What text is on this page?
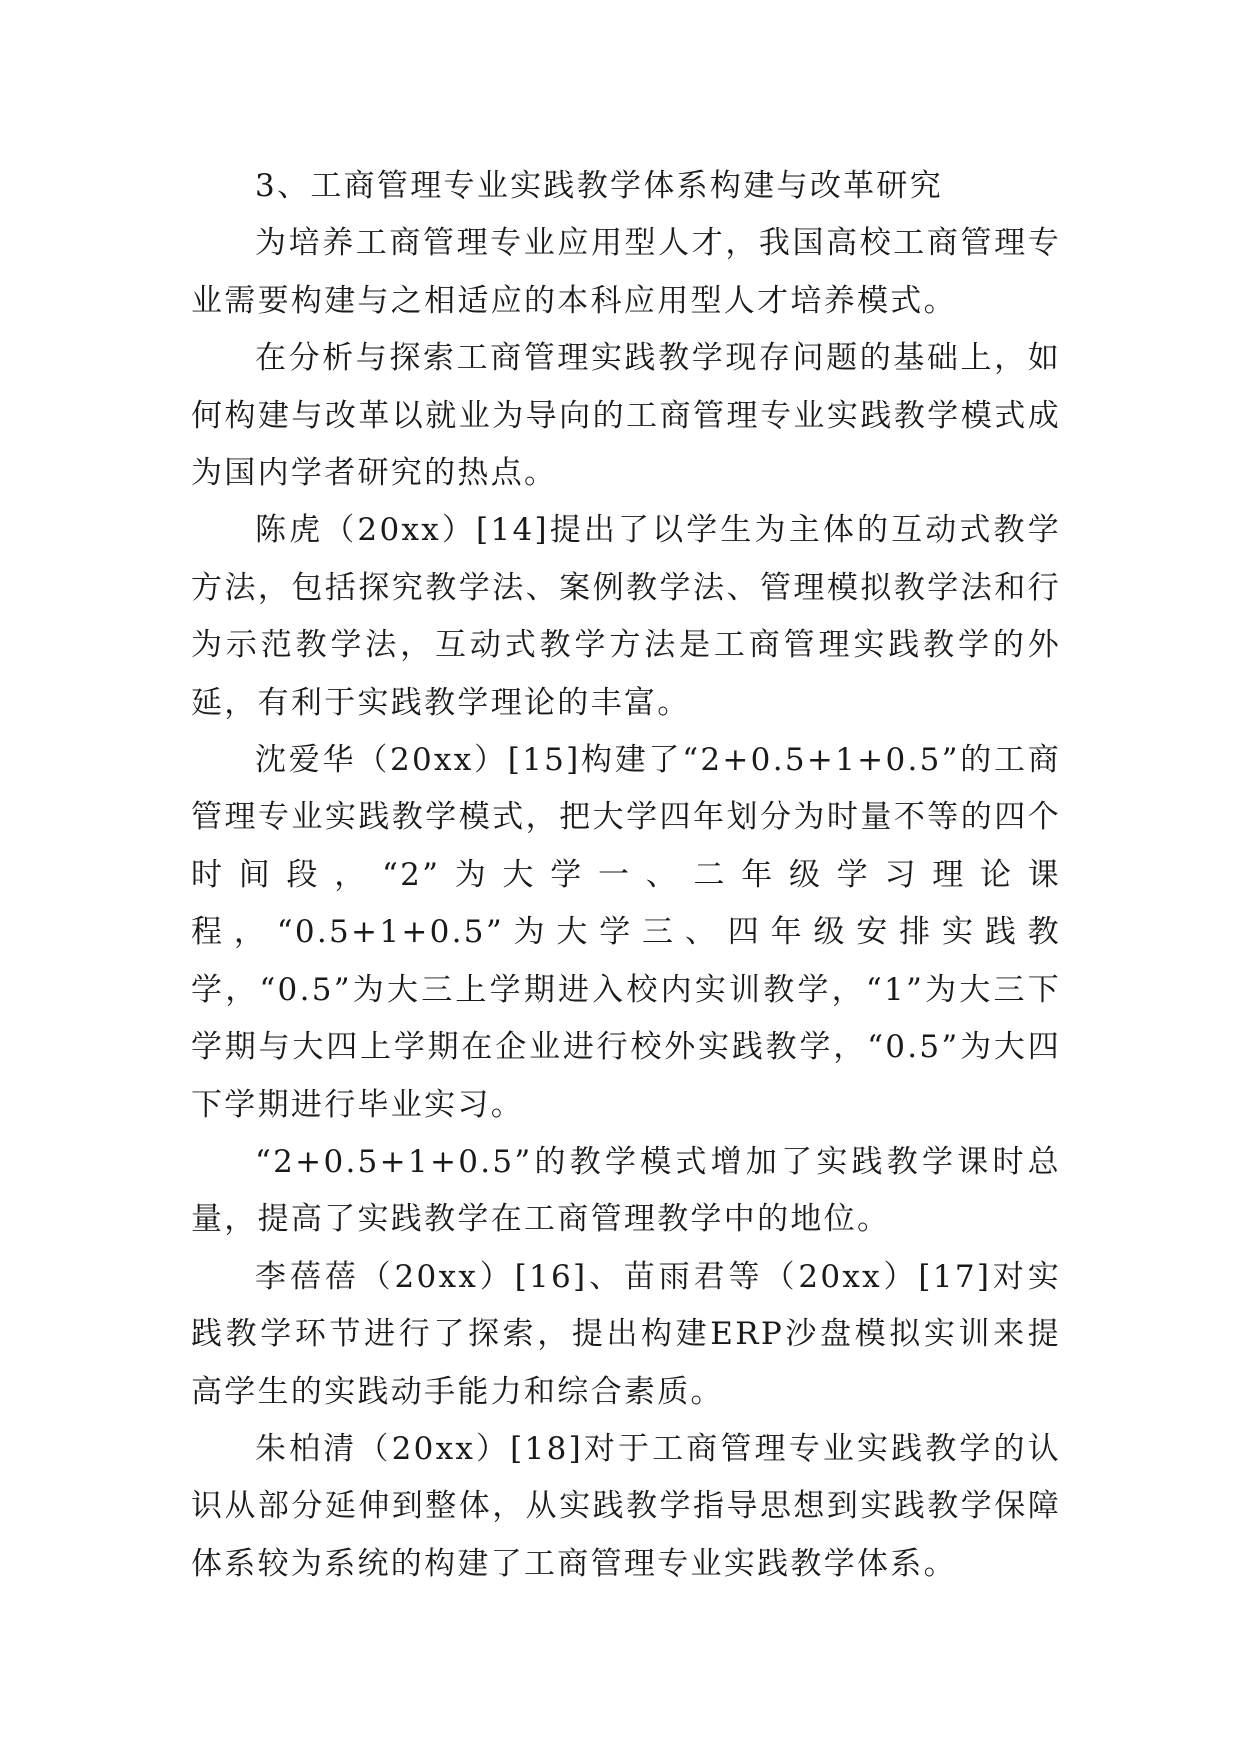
3、工商管理专业实践教学体系构建与改革研究

为培养工商管理专业应用型人才，我国高校工商管理专业需要构建与之相适应的本科应用型人才培养模式。

在分析与探索工商管理实践教学现存问题的基础上，如何构建与改革以就业为导向的工商管理专业实践教学模式成为国内学者研究的热点。

陈虎（20xx）[14]提出了以学生为主体的互动式教学方法，包括探究教学法、案例教学法、管理模拟教学法和行为示范教学法，互动式教学方法是工商管理实践教学的外延，有利于实践教学理论的丰富。

沈爱华（20xx）[15]构建了“2+0.5+1+0.5”的工商管理专业实践教学模式，把大学四年划分为时量不等的四个时间段，“2”为大学一、二年级学习理论课程，“0.5+1+0.5”为大学三、四年级安排实践教学，“0.5”为大三上学期进入校内实训教学，“1”为大三下学期与大四上学期在企业进行校外实践教学，“0.5”为大四下学期进行毕业实习。

“2+0.5+1+0.5”的教学模式增加了实践教学课时总量，提高了实践教学在工商管理教学中的地位。

李蓓蓓（20xx）[16]、苗雨君等（20xx）[17]对实践教学环节进行了探索，提出构建ERP沙盘模拟实训来提高学生的实践动手能力和综合素质。

朱柏清（20xx）[18]对于工商管理专业实践教学的认识从部分延伸到整体，从实践教学指导思想到实践教学保障体系较为系统的构建了工商管理专业实践教学体系。
